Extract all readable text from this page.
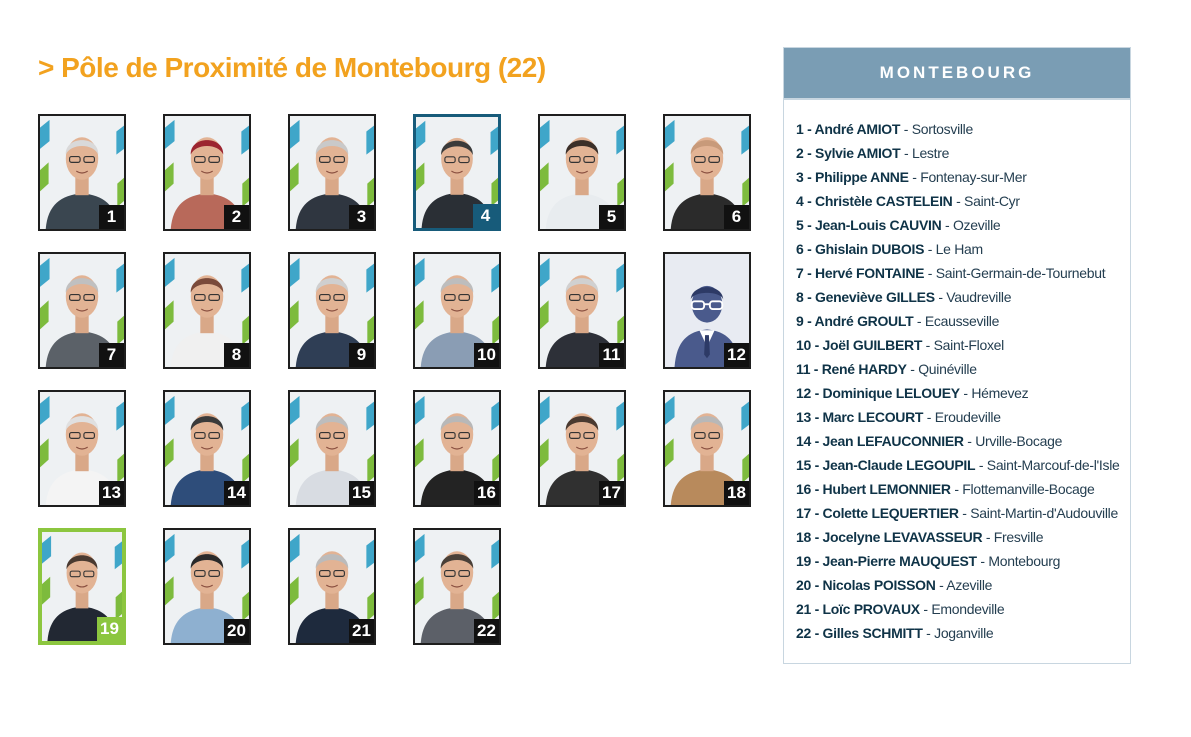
> Pôle de Proximité de Montebourg (22)
1	2	3	4	5	6
7	8	9	10	11	12
13	14	15	16	17	18
19	20	21	22
MONTEBOURG
1 - André AMIOT - Sortosville
2 - Sylvie AMIOT - Lestre
3 - Philippe ANNE - Fontenay-sur-Mer
4 - Christèle CASTELEIN - Saint-Cyr
5 - Jean-Louis CAUVIN - Ozeville
6 - Ghislain DUBOIS - Le Ham
7 - Hervé FONTAINE - Saint-Germain-de-Tournebut
8 - Geneviève GILLES - Vaudreville
9 - André GROULT - Ecausseville
10 - Joël GUILBERT - Saint-Floxel
11 - René HARDY - Quinéville
12 - Dominique LELOUEY - Hémevez
13 - Marc LECOURT - Eroudeville
14 - Jean LEFAUCONNIER - Urville-Bocage
15 - Jean-Claude LEGOUPIL - Saint-Marcouf-de-l'Isle
16 - Hubert LEMONNIER - Flottemanville-Bocage
17 - Colette LEQUERTIER - Saint-Martin-d'Audouville
18 - Jocelyne LEVAVASSEUR - Fresville
19 - Jean-Pierre MAUQUEST - Montebourg
20 - Nicolas POISSON - Azeville
21 - Loïc PROVAUX - Emondeville
22 - Gilles SCHMITT - Joganville
